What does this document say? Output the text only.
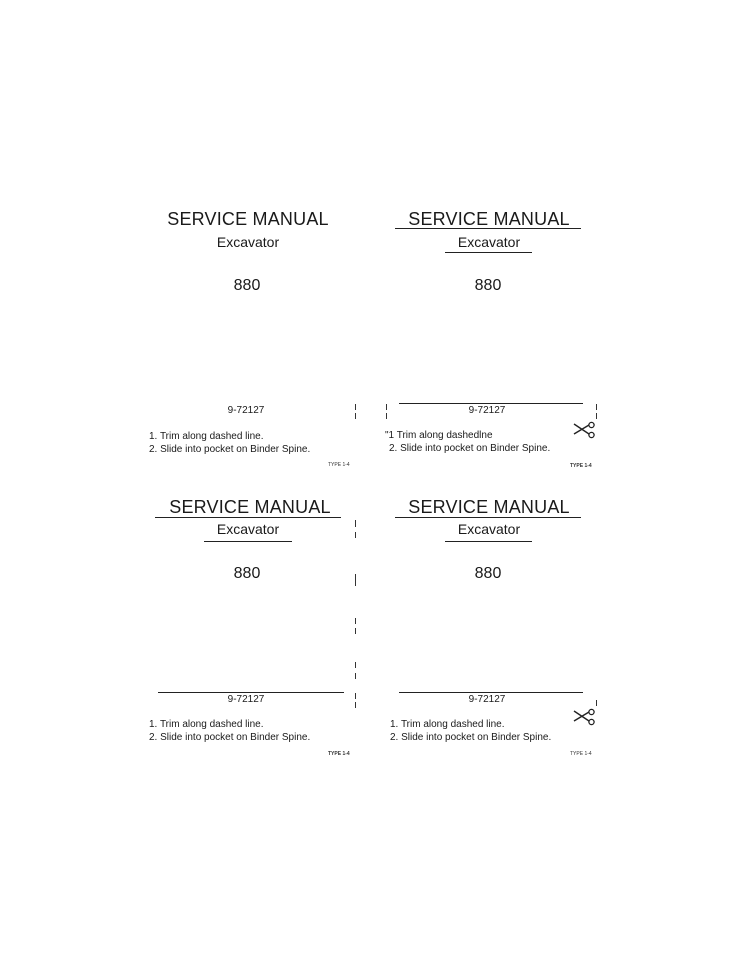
SERVICE MANUAL
Excavator
880
9-72127
1. Trim along dashed line.
2. Slide into pocket on Binder Spine.
TYPE 1-4
SERVICE MANUAL
Excavator
880
9-72127
"1 Trim along dashedlne
2. Slide into pocket on Binder Spine.
TYPE 1-4
SERVICE MANUAL
Excavator
880
9-72127
1. Trim along dashed line.
2. Slide into pocket on Binder Spine.
TYPE 1-4
SERVICE MANUAL
Excavator
880
9-72127
1. Trim along dashed line.
2. Slide into pocket on Binder Spine.
TYPE 1-4
